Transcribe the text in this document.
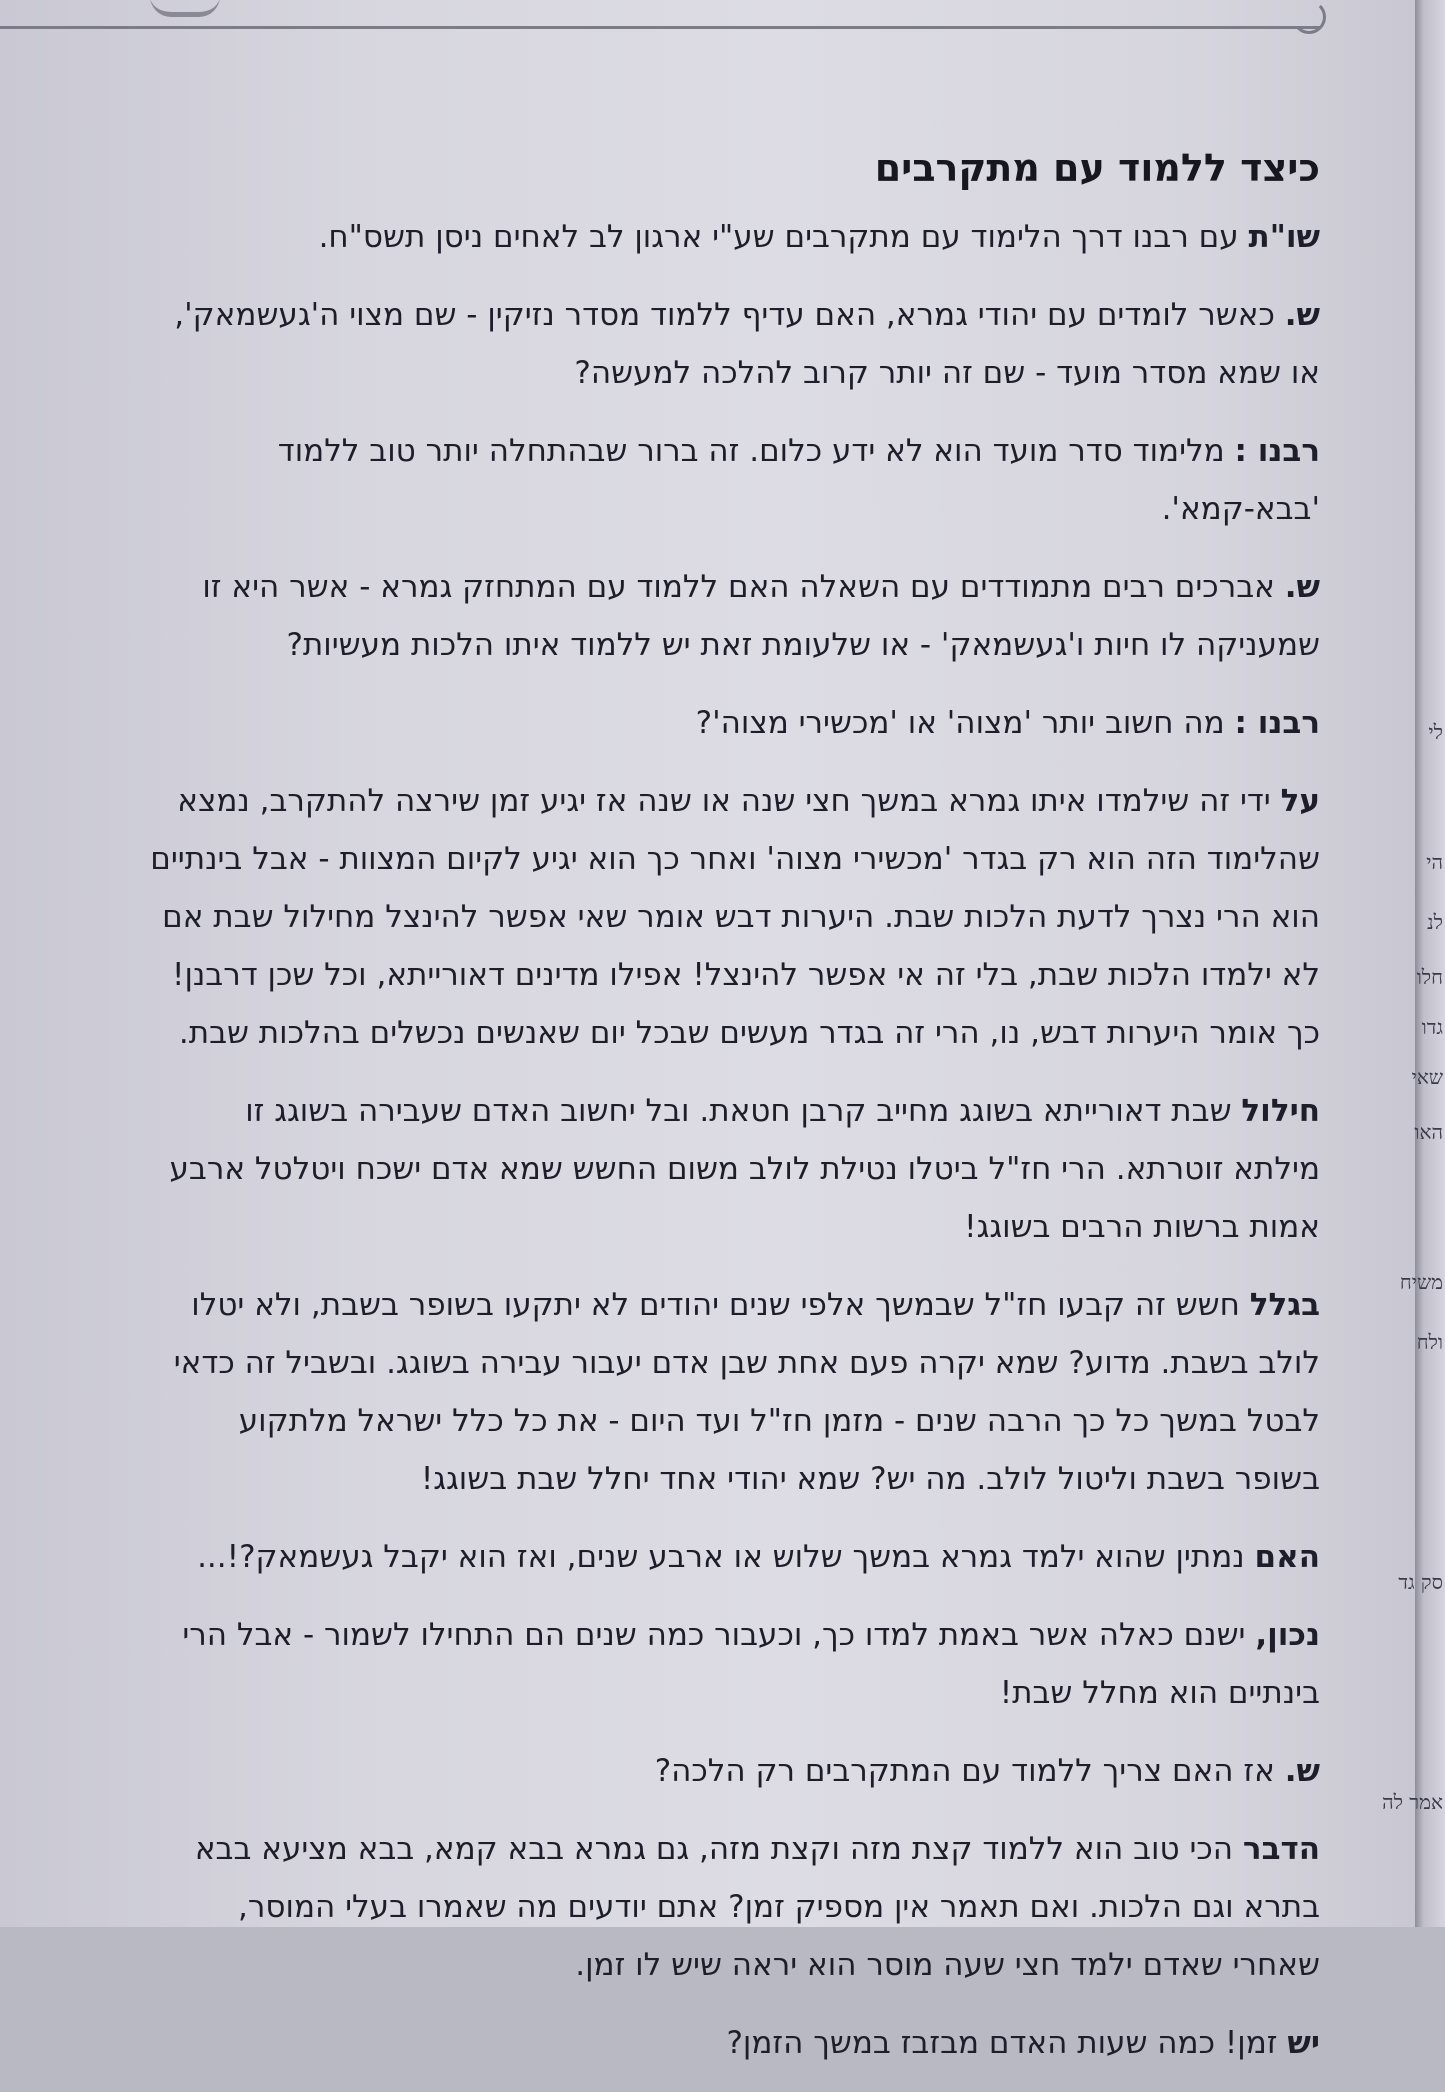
כיצד ללמוד עם מתקרבים

שו"ת עם רבנו דרך הלימוד עם מתקרבים שע"י ארגון לב לאחים ניסן תשס"ח.

ש. כאשר לומדים עם יהודי גמרא, האם עדיף ללמוד מסדר נזיקין - שם מצוי ה'געשמאק', או שמא מסדר מועד - שם זה יותר קרוב להלכה למעשה?

רבנו : מלימוד סדר מועד הוא לא ידע כלום. זה ברור שבהתחלה יותר טוב ללמוד 'בבא-קמא'.

ש. אברכים רבים מתמודדים עם השאלה האם ללמוד עם המתחזק גמרא - אשר היא זו שמעניקה לו חיות ו'געשמאק' - או שלעומת זאת יש ללמוד איתו הלכות מעשיות?

רבנו : מה חשוב יותר 'מצוה' או 'מכשירי מצוה'?

על ידי זה שילמדו איתו גמרא במשך חצי שנה או שנה אז יגיע זמן שירצה להתקרב, נמצא שהלימוד הזה הוא רק בגדר 'מכשירי מצוה' ואחר כך הוא יגיע לקיום המצוות - אבל בינתיים הוא הרי נצרך לדעת הלכות שבת. היערות דבש אומר שאי אפשר להינצל מחילול שבת אם לא ילמדו הלכות שבת, בלי זה אי אפשר להינצל! אפילו מדינים דאורייתא, וכל שכן דרבנן! כך אומר היערות דבש, נו, הרי זה בגדר מעשים שבכל יום שאנשים נכשלים בהלכות שבת.

חילול שבת דאורייתא בשוגג מחייב קרבן חטאת. ובל יחשוב האדם שעבירה בשוגג זו מילתא זוטרתא. הרי חז"ל ביטלו נטילת לולב משום החשש שמא אדם ישכח ויטלטל ארבע אמות ברשות הרבים בשוגג!

בגלל חשש זה קבעו חז"ל שבמשך אלפי שנים יהודים לא יתקעו בשופר בשבת, ולא יטלו לולב בשבת. מדוע? שמא יקרה פעם אחת שבן אדם יעבור עבירה בשוגג. ובשביל זה כדאי לבטל במשך כל כך הרבה שנים - מזמן חז"ל ועד היום - את כל כלל ישראל מלתקוע בשופר בשבת וליטול לולב. מה יש? שמא יהודי אחד יחלל שבת בשוגג!

האם נמתין שהוא ילמד גמרא במשך שלוש או ארבע שנים, ואז הוא יקבל געשמאק?!...

נכון, ישנם כאלה אשר באמת למדו כך, וכעבור כמה שנים הם התחילו לשמור - אבל הרי בינתיים הוא מחלל שבת!

ש. אז האם צריך ללמוד עם המתקרבים רק הלכה?

הדבר הכי טוב הוא ללמוד קצת מזה וקצת מזה, גם גמרא בבא קמא, בבא מציעא בבא בתרא וגם הלכות. ואם תאמר אין מספיק זמן? אתם יודעים מה שאמרו בעלי המוסר, שאחרי שאדם ילמד חצי שעה מוסר הוא יראה שיש לו זמן.

יש זמן! כמה שעות האדם מבזבז במשך הזמן?

לי
הי
לנ
חלו
גדו
שאי
האו
משיח
ולח
סק גד
אמר לה
